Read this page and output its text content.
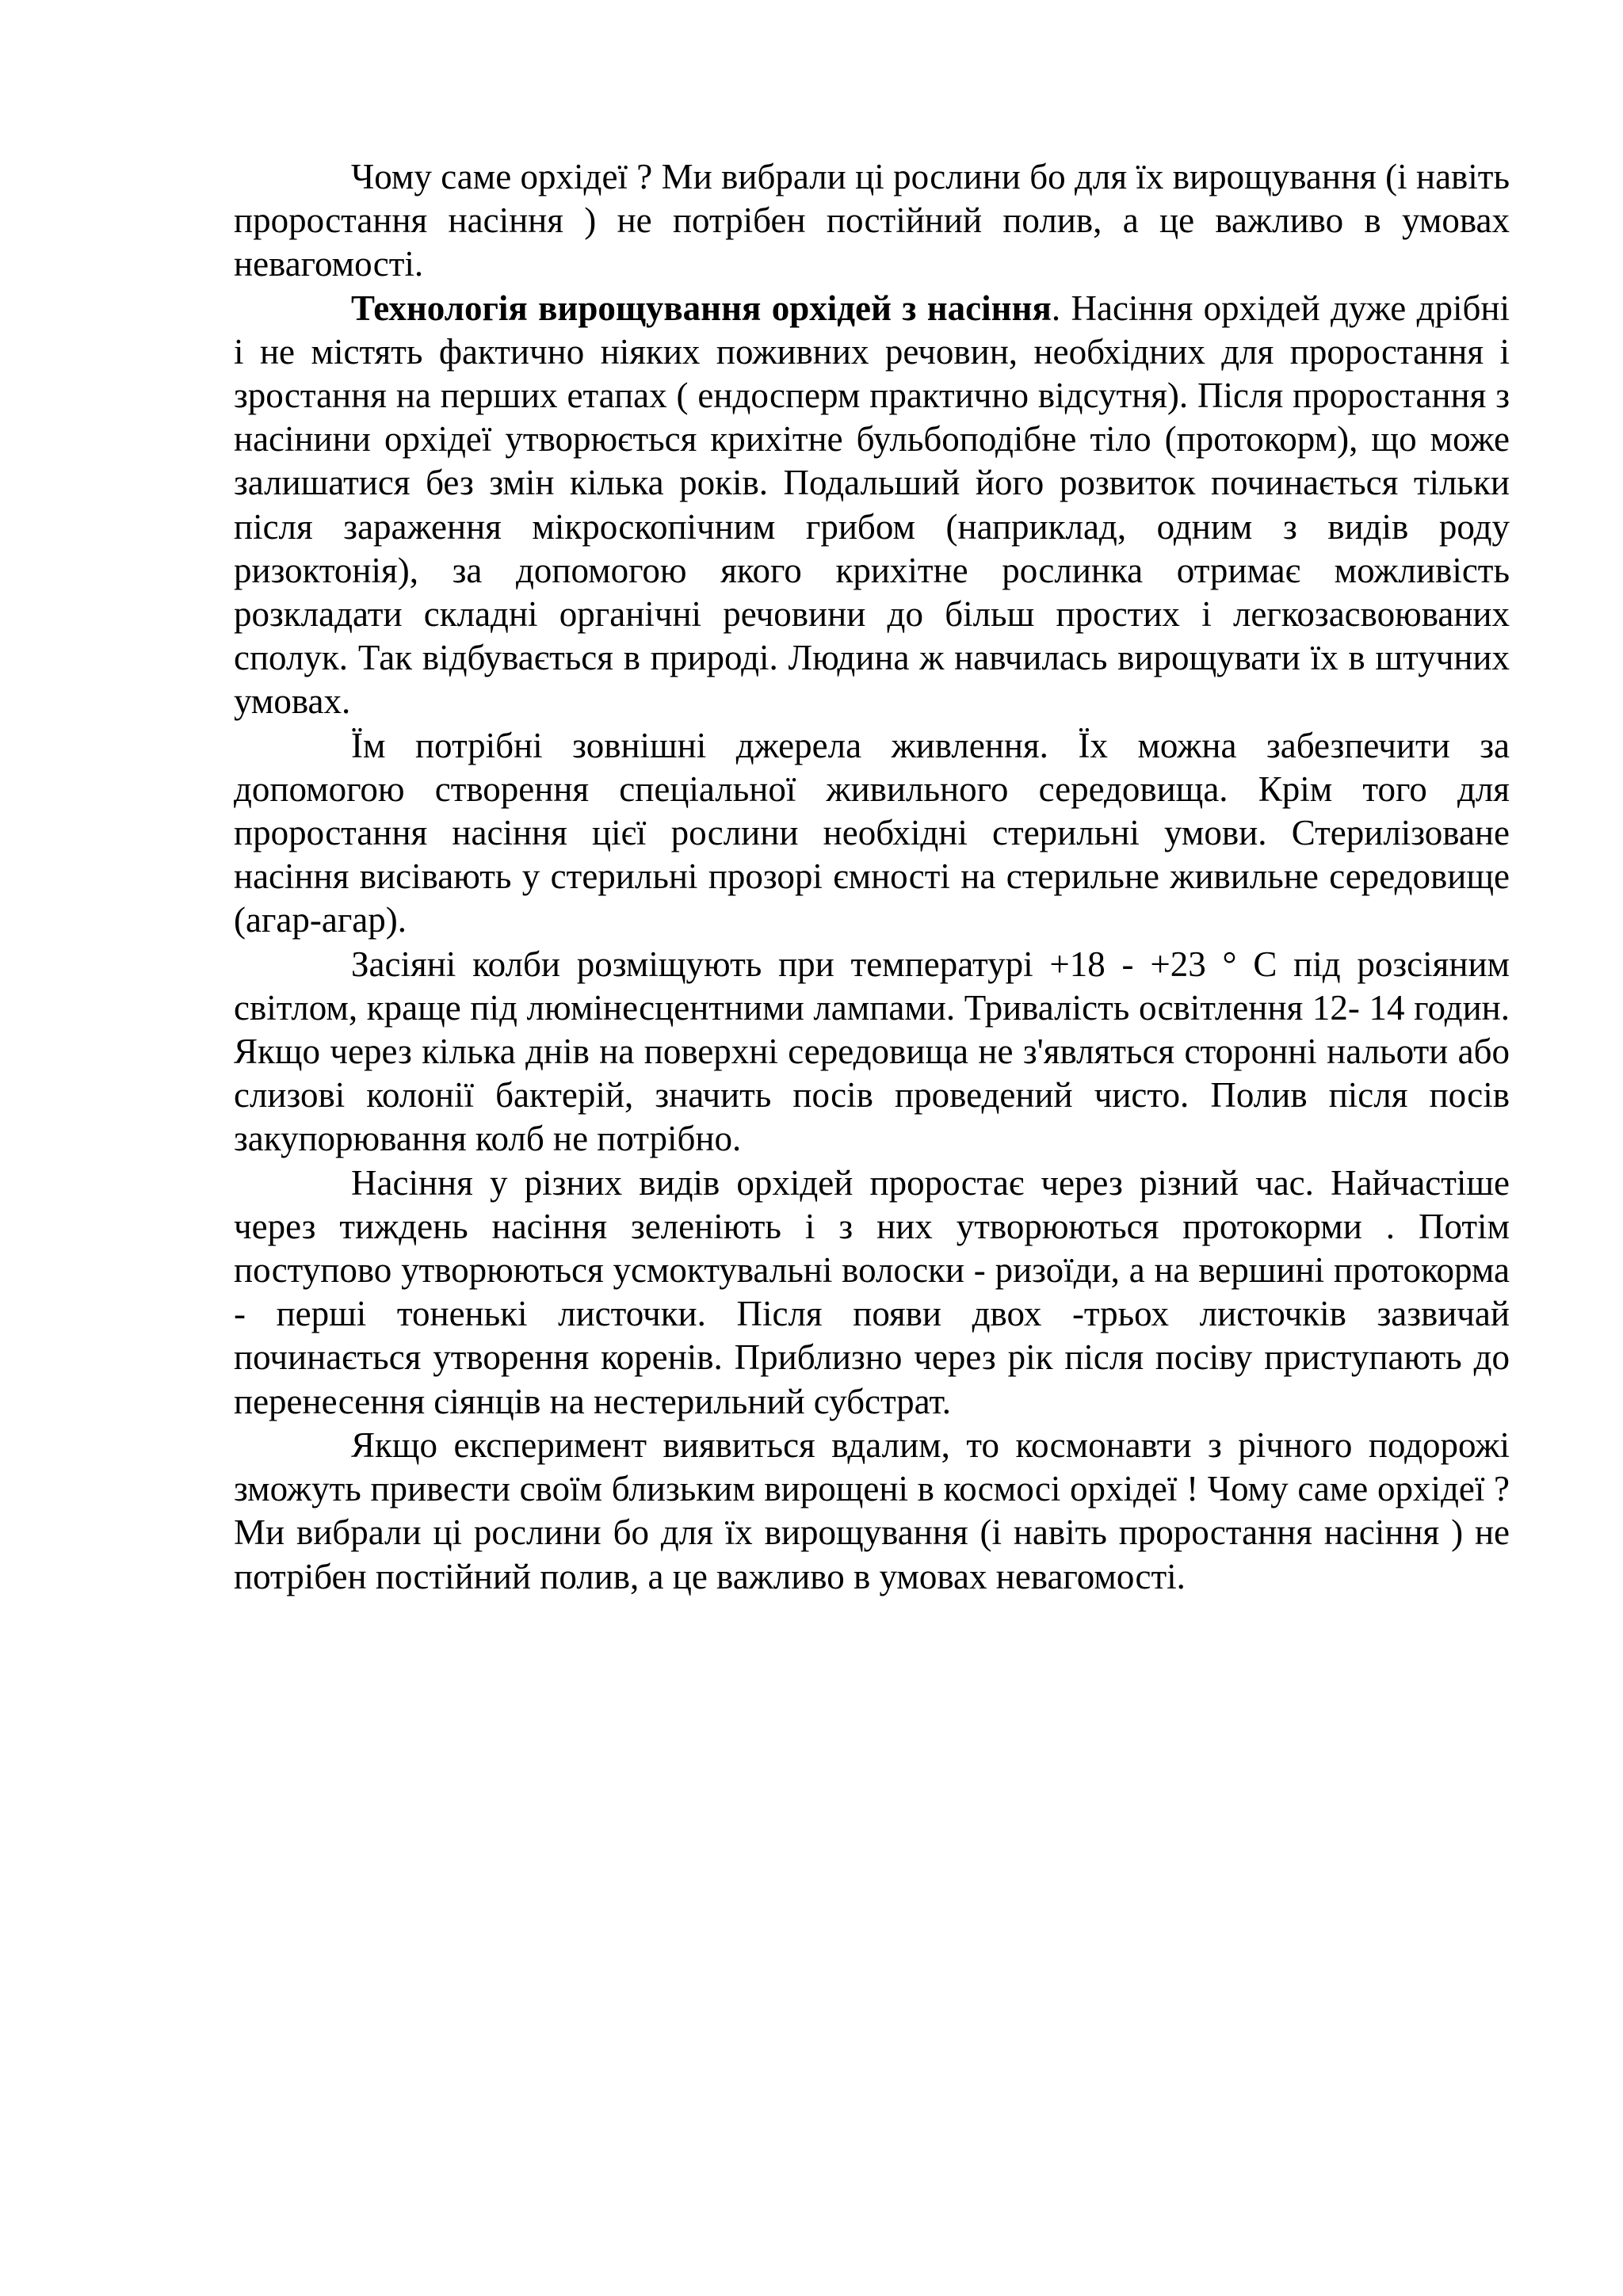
Чому саме орхідеї ? Ми вибрали ці рослини бо для їх вирощування (і навіть проростання насіння ) не потрібен постійний полив, а це важливо в умовах невагомості.

Технологія вирощування орхідей з насіння. Насіння орхідей дуже дрібні і не містять фактично ніяких поживних речовин, необхідних для проростання і зростання на перших етапах ( ендосперм практично відсутня). Після проростання з насінини орхідеї утворюється крихітне бульбоподібне тіло (протокорм), що може залишатися без змін кілька років. Подальший його розвиток починається тільки після зараження мікроскопічним грибом (наприклад, одним з видів роду ризоктонія), за допомогою якого крихітне рослинка отримає можливість розкладати складні органічні речовини до більш простих і легкозасвоюваних сполук. Так відбувається в природі. Людина ж навчилась вирощувати їх в штучних умовах.

Їм потрібні зовнішні джерела живлення. Їх можна забезпечити за допомогою створення спеціальної живильного середовища. Крім того для проростання насіння цієї рослини необхідні стерильні умови. Стерилізоване насіння висівають у стерильні прозорі ємності на стерильне живильне середовище (агар-агар).

Засіяні колби розміщують при температурі +18 - +23 ° С під розсіяним світлом, краще під люмінесцентними лампами. Тривалість освітлення 12- 14 годин. Якщо через кілька днів на поверхні середовища не з'являться сторонні нальоти або слизові колонії бактерій, значить посів проведений чисто. Полив після посів закупорювання колб не потрібно.

Насіння у різних видів орхідей проростає через різний час. Найчастіше через тиждень насіння зеленіють і з них утворюються протокорми . Потім поступово утворюються усмоктувальні волоски - ризоїди, а на вершині протокорма - перші тоненькі листочки. Після появи двох -трьох листочків зазвичай починається утворення коренів. Приблизно через рік після посіву приступають до перенесення сіянців на нестерильний субстрат.

Якщо експеримент виявиться вдалим, то космонавти з річного подорожі зможуть привести своїм близьким вирощені в космосі орхідеї ! Чому саме орхідеї ? Ми вибрали ці рослини бо для їх вирощування (і навіть проростання насіння ) не потрібен постійний полив, а це важливо в умовах невагомості.
